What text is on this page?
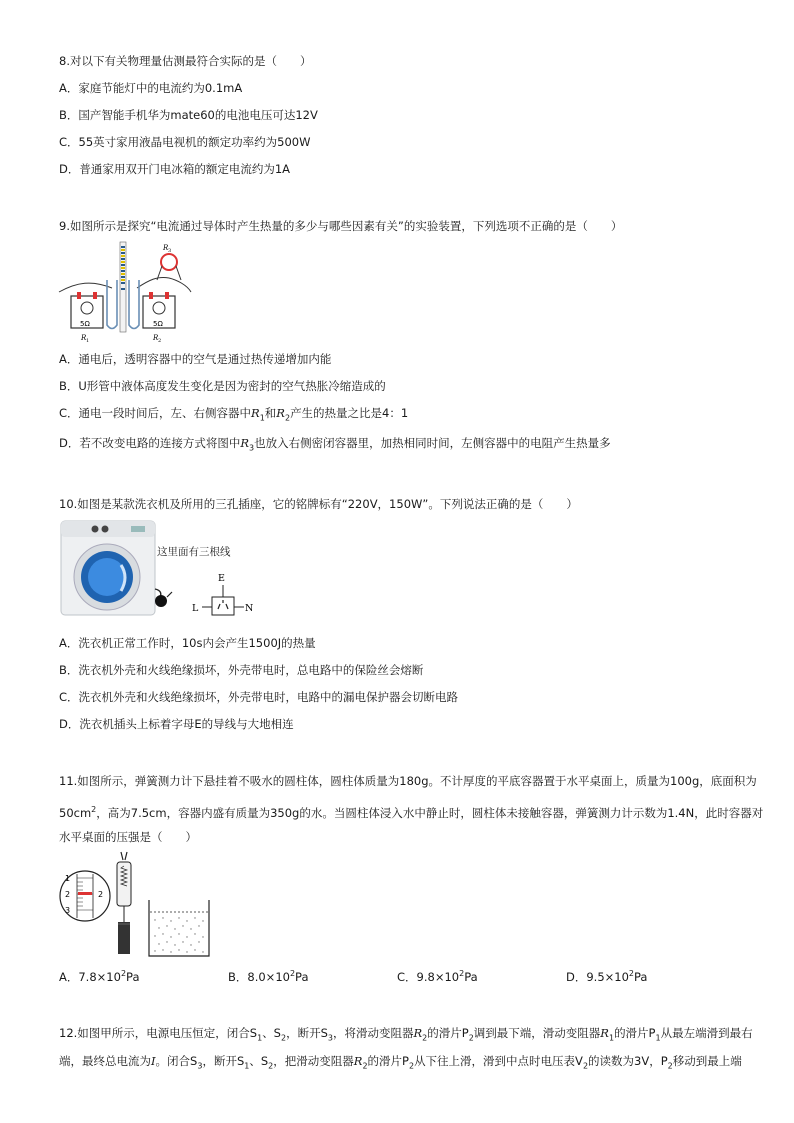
8.对以下有关物理量估测最符合实际的是（　　）
A．家庭节能灯中的电流约为0.1mA
B．国产智能手机华为mate60的电池电压可达12V
C．55英寸家用液晶电视机的额定功率约为500W
D．普通家用双开门电冰箱的额定电流约为1A
9.如图所示是探究“电流通过导体时产生热量的多少与哪些因素有关”的实验装置，下列选项不正确的是（　　）
5Ω	5Ω
R 3
R 1	R 2
A．通电后，透明容器中的空气是通过热传递增加内能
B．U形管中液体高度发生变化是因为密封的空气热胀冷缩造成的
C．通电一段时间后，左、右侧容器中$R_1$和$R_2$产生的热量之比是4：1
D．若不改变电路的连接方式将图中$R_3$也放入右侧密闭容器里，加热相同时间，左侧容器中的电阻产生热量多
10.如图是某款洗衣机及所用的三孔插座，它的铭牌标有“220V，150W”。下列说法正确的是（　　）
这里面有三根线
E
L	N
A．洗衣机正常工作时，10s内会产生1500J的热量
B．洗衣机外壳和火线绝缘损坏，外壳带电时，总电路中的保险丝会熔断
C．洗衣机外壳和火线绝缘损坏，外壳带电时，电路中的漏电保护器会切断电路
D．洗衣机插头上标着字母E的导线与大地相连
11.如图所示，弹簧测力计下悬挂着不吸水的圆柱体，圆柱体质量为180g。不计厚度的平底容器置于水平桌面上，质量为100g，底面积为
$50cm^2$，高为7.5cm，容器内盛有质量为350g的水。当圆柱体浸入水中静止时，圆柱体未接触容器，弹簧测力计示数为1.4N，此时容器对
水平桌面的压强是（　　）
1
2
3
2
A．$7.8\times 10^2Pa$	B．$8.0\times 10^2Pa$	C．$9.8\times 10^2Pa$	D．$9.5\times 10^2Pa$
12.如图甲所示，电源电压恒定，闭合$S_1$、$S_2$，断开$S_3$，将滑动变阻器$R_2$的滑片$P_2$调到最下端，滑动变阻器$R_1$的滑片$P_1$从最左端滑到最右
端，最终总电流为I。闭合$S_3$，断开$S_1$、$S_2$，把滑动变阻器$R_2$的滑片$P_2$从下往上滑，滑到中点时电压表$V_2$的读数为3V，$P_2$移动到最上端
